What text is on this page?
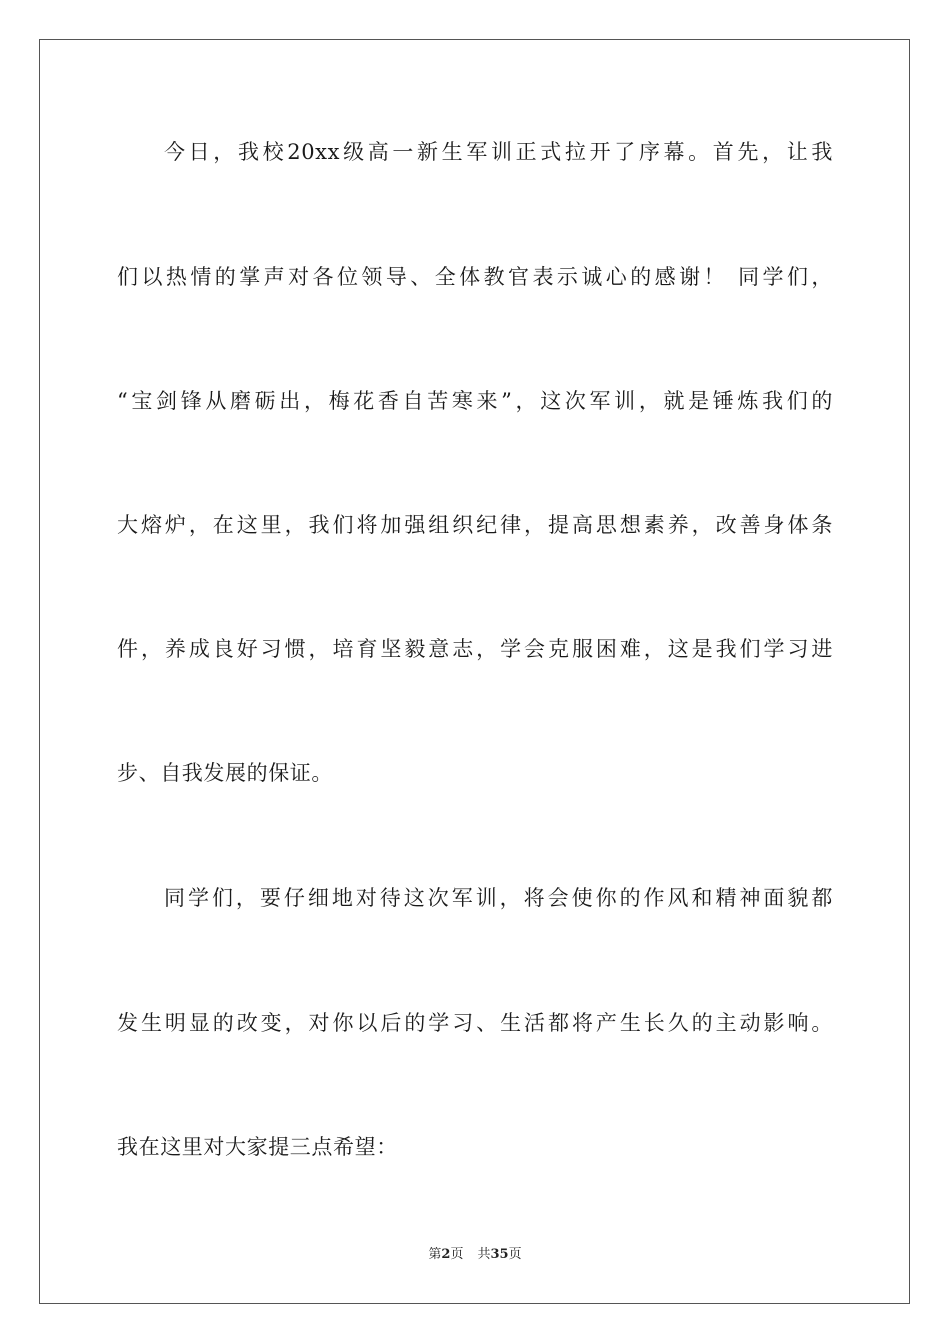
今日，我校20xx级高一新生军训正式拉开了序幕。首先，让我
们以热情的掌声对各位领导、全体教官表示诚心的感谢！ 同学们，
“宝剑锋从磨砺出，梅花香自苦寒来”，这次军训，就是锤炼我们的
大熔炉，在这里，我们将加强组织纪律，提高思想素养，改善身体条
件，养成良好习惯，培育坚毅意志，学会克服困难，这是我们学习进
步、自我发展的保证。
同学们，要仔细地对待这次军训，将会使你的作风和精神面貌都
发生明显的改变，对你以后的学习、生活都将产生长久的主动影响。
我在这里对大家提三点希望：
第2页 共35页
